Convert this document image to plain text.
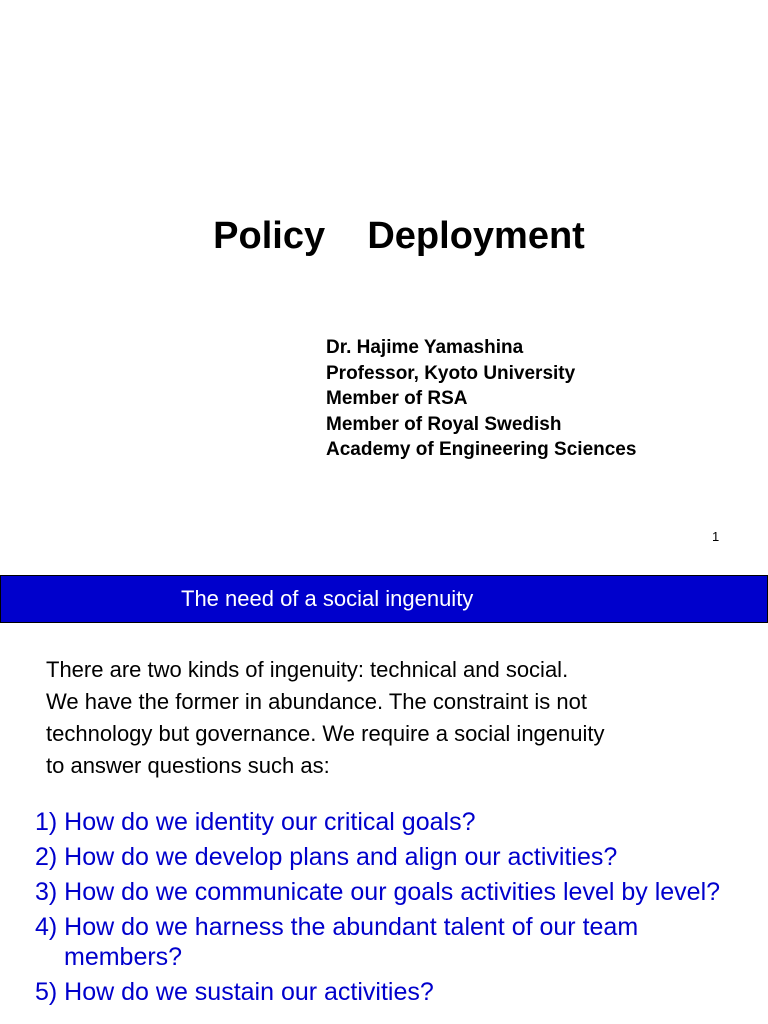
Policy    Deployment
Dr. Hajime Yamashina
Professor, Kyoto University
Member of RSA
Member of Royal Swedish
Academy of Engineering Sciences
1
The need of a social ingenuity
There are two kinds of ingenuity: technical and social.
We have the former in abundance. The constraint is not
technology but governance. We require a social ingenuity
to answer questions such as:
1) How do we identity our critical goals?
2) How do we develop plans and align our activities?
3) How do we communicate our goals activities level by level?
4) How do we harness the abundant talent of our team members?
5) How do we sustain our activities?
